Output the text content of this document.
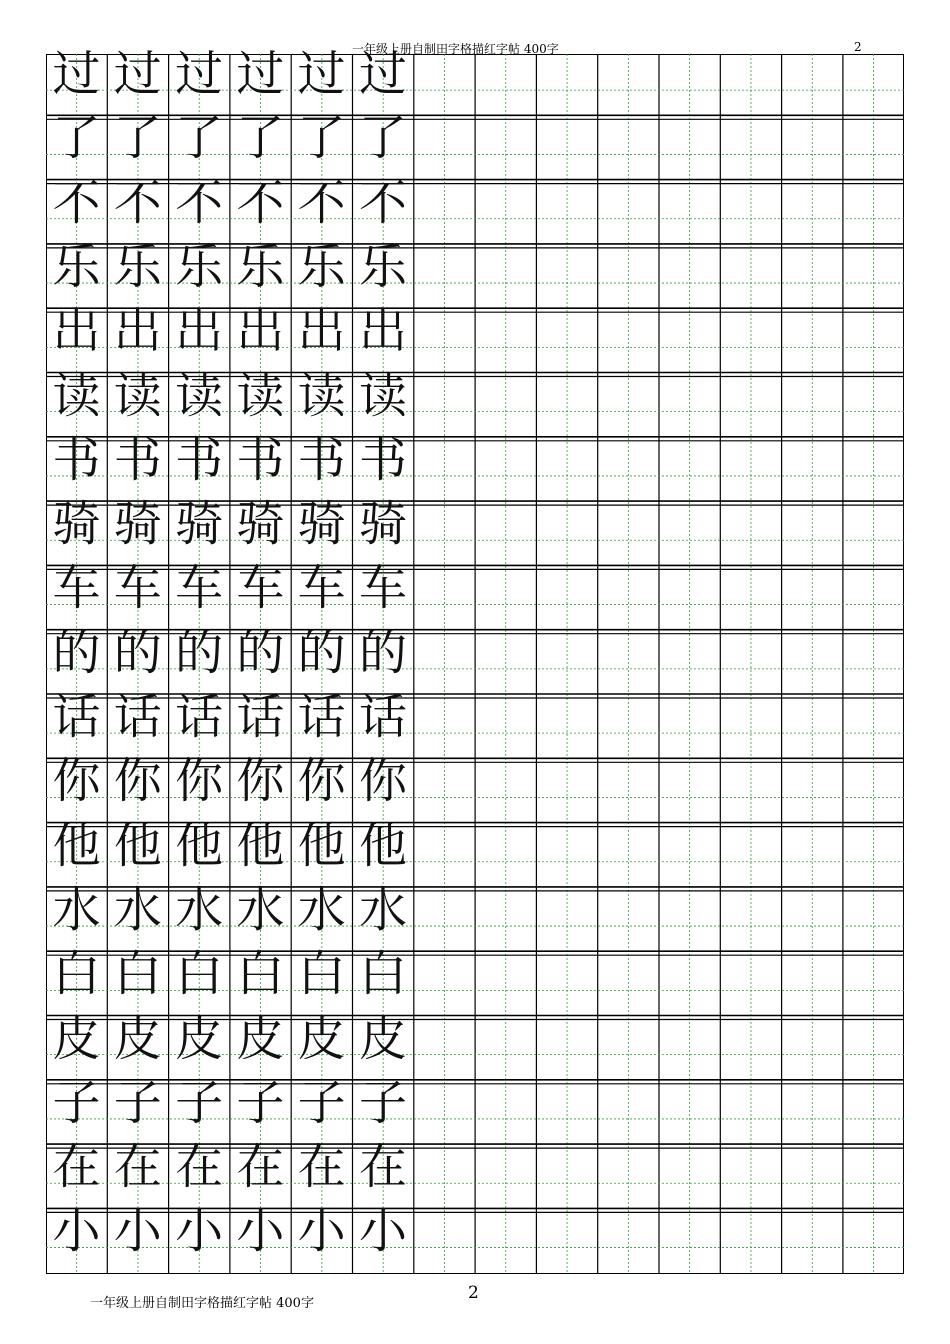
一年级上册自制田字格描红字帖 400字	2
过 过 过 过 过 过
了 了 了 了 了 了
不 不 不 不 不 不
乐 乐 乐 乐 乐 乐
出 出 出 出 出 出
读 读 读 读 读 读
书 书 书 书 书 书
骑 骑 骑 骑 骑 骑
车 车 车 车 车 车
的 的 的 的 的 的
话 话 话 话 话 话
你 你 你 你 你 你
他 他 他 他 他 他
水 水 水 水 水 水
白 白 白 白 白 白
皮 皮 皮 皮 皮 皮
子 子 子 子 子 子
在 在 在 在 在 在
小 小 小 小 小 小
一年级上册自制田字格描红字帖 400字
2
